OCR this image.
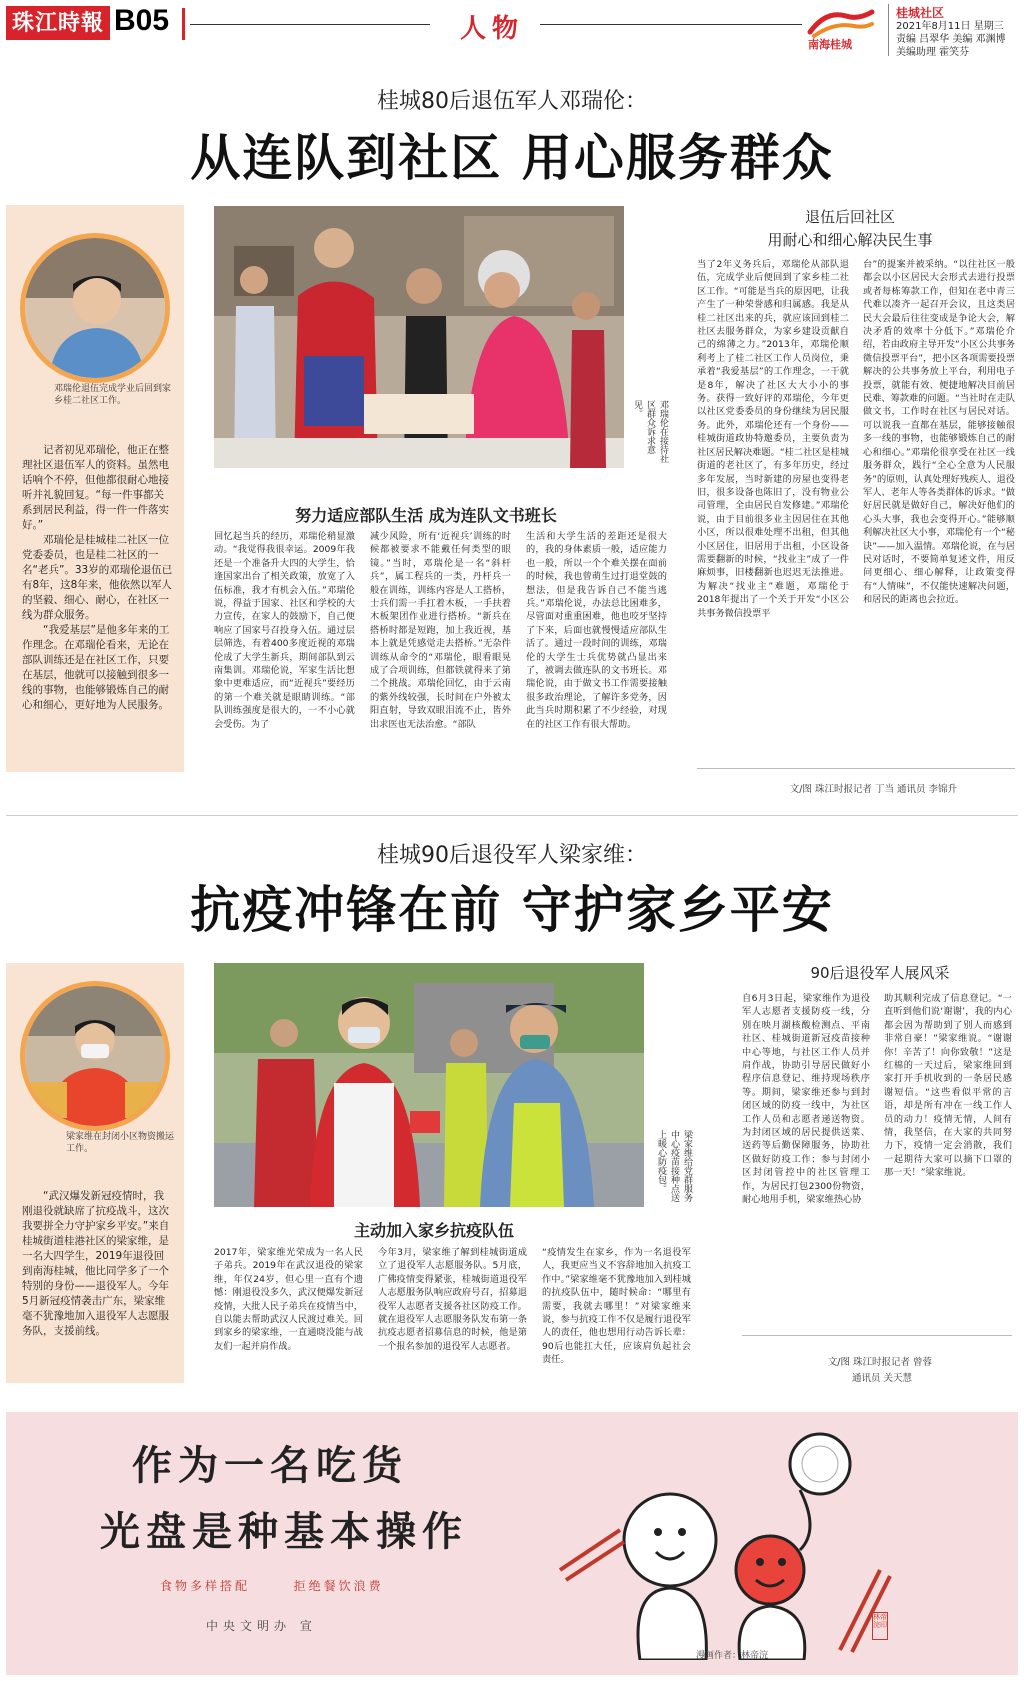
珠江時報 B05	人物
南海桂城
桂城社区
2021年8月11日 星期三
责编 吕翠华 美编 邓渊博
美编助理 霍笑芬
桂城80后退伍军人邓瑞伦：
从连队到社区 用心服务群众
邓瑞伦退伍完成学业后回到家乡桂二社区工作。

记者初见邓瑞伦，他正在整理社区退伍军人的资料。虽然电话响个不停，但他都很耐心地接听并礼貌回复。“每一件事都关系到居民利益，得一件一件落实好。”

邓瑞伦是桂城桂二社区一位党委委员，也是桂二社区的一名“老兵”。33岁的邓瑞伦退伍已有8年，这8年来，他依然以军人的坚毅、细心、耐心，在社区一线为群众服务。

“我爱基层”是他多年来的工作理念。在邓瑞伦看来，无论在部队训练还是在社区工作，只要在基层，他就可以接触到很多一线的事物，也能够锻炼自己的耐心和细心，更好地为人民服务。

邓瑞伦在接待社区群众诉求意见。
努力适应部队生活 成为连队文书班长
回忆起当兵的经历，邓瑞伦稍显激动。“我觉得我很幸运。2009年我还是一个准备升大四的大学生，恰逢国家出台了相关政策，放宽了入伍标准，我才有机会入伍。”邓瑞伦说，得益于国家、社区和学校的大力宣传，在家人的鼓励下，自己便响应了国家号召投身入伍。通过层层筛选，有着400多度近视的邓瑞伦成了大学生新兵，期间部队到云南集训。邓瑞伦说，军家生活比想象中更难适应，而“近视兵”要经历的第一个难关就是眼睛训练。“部队训练强度是很大的，一不小心就会受伤。为了
减少风险，所有‘近视兵’训练的时候都被要求不能戴任何类型的眼镜。”当时，邓瑞伦是一名“斜杆兵”，属工程兵的一类，丹杆兵一般在训练，训练内容是人工搭桥，士兵们需一手扛着木板，一手扶着木板架团作业进行搭桥。“新兵在搭桥时都是短跑，加上我近视，基本上就是凭感觉走去搭桥。”无杂件训练从命令的“邓瑞伦，眼看眼晃成了合项训练，但都铁就得来了第二个挑战。邓瑞伦回忆，由于云南的紫外线较强，长时间在户外被太阳直射，导致双眼泪流不止，皆外出求医也无法治愈。“部队
生活和大学生活的差距还是很大的，我的身体素质一般，适应能力也一般，所以一个个难关摆在面前的时候，我也曾萌生过打退堂鼓的想法，但是我告诉自己不能当逃兵。”邓瑞伦说，办法总比困难多，尽管面对重重困难，他也咬牙坚持了下来，后面也就慢慢适应部队生活了。通过一段时间的训练，邓瑞伦的大学生士兵优势就凸显出来了，被调去做连队的文书班长。邓瑞伦说，由于做文书工作需要接触很多政治理论，了解许多党务，因此当兵时期积累了不少经验，对现在的社区工作有很大帮助。
退伍后回社区
用耐心和细心解决民生事
当了2年义务兵后，邓瑞伦从部队退伍，完成学业后便回到了家乡桂二社区工作。“可能是当兵的原因吧，让我产生了一种荣誉感和归属感。我是从桂二社区出来的兵，就应该回到桂二社区去服务群众，为家乡建设贡献自己的绵薄之力。”2013年，邓瑞伦顺利考上了桂二社区工作人员岗位，秉承着“我爱基层”的工作理念，一干就是8年，解决了社区大大小小的事务。获得一致好评的邓瑞伦，今年更以社区党委委员的身份继续为居民服务。此外，邓瑞伦还有一个身份——桂城街道政协特邀委员，主要负责为社区居民解决难题。“桂二社区是桂城街道的老社区了，有多年历史，经过多年发展，当时新建的房屋也变得老旧，很多设备也陈旧了，没有物业公司管理，全由居民自发修建。”邓瑞伦说，由于目前很多业主因居住在其他小区，所以很难处理不出租，但其他小区居住，旧居用于出租，小区设备需要翻新的时候，“找业主”成了一件麻烦事，旧楼翻新也迟迟无法推进。为解决“找业主”难题，邓瑞伦于2018年提出了一个关于开发“小区公共事务微信投票平
台”的提案并被采纳。“以往社区一般都会以小区居民大会形式去进行投票或者每栋筹款工作，但知在老中青三代难以凑齐一起召开会议，且这类居民大会最后往往变成是争论大会，解决矛盾的效率十分低下。”邓瑞伦介绍，若由政府主导开发“小区公共事务微信投票平台”，把小区各项需要投票解决的公共事务放上平台，利用电子投票，就能有效、便捷地解决目前居民难、筹款难的问题。“当社时在走队做文书，工作时在社区与居民对话。可以说我一直都在基层，能够接触很多一线的事物，也能够锻炼自己的耐心和细心。”邓瑞伦很享受在社区一线服务群众，践行“全心全意为人民服务”的原则，认真处理好残疾人、退役军人、老年人等各类群体的诉求。“做好居民就是做好自己，解决好他们的心头大事，我也会变得开心。”能够顺利解决社区大小事，邓瑞伦有一个“秘诀”——加入温情。邓瑞伦说，在与居民对话时，不要简单复述文件，用反问更细心、细心解释，让政策变得有“人情味”，不仅能快速解决问题，和居民的距离也会拉近。
文/图 珠江时报记者 丁当 通讯员 李锦升
桂城90后退役军人梁家维：
抗疫冲锋在前 守护家乡平安
梁家维在封闭小区物资搬运工作。

“武汉爆发新冠疫情时，我刚退役就缺席了抗疫战斗，这次我要拼全力守护家乡平安。”来自桂城街道桂港社区的梁家维，是一名大四学生，2019年退役回到南海桂城，他比同学多了一个特别的身份——退役军人。今年5月新冠疫情袭击广东，梁家维毫不犹豫地加入退役军人志愿服务队，支援前线。

梁家维给党群服务中心疫苗接种点送上暖心防疫包。
主动加入家乡抗疫队伍
2017年，梁家维光荣成为一名人民子弟兵。2019年在武汉退役的梁家维，年仅24岁，但心里一直有个遗憾：刚退役没多久，武汉便爆发新冠疫情，大批人民子弟兵在疫情当中，自以能去帮助武汉人民渡过难关。回到家乡的梁家维，一直通晓没能与战友们一起并肩作战。
今年3月，梁家维了解到桂城街道成立了退役军人志愿服务队。5月底，广佛疫情变得紧张，桂城街道退役军人志愿服务队响应政府号召，招募退役军人志愿者支援各社区防疫工作。就在退役军人志愿服务队发布第一条抗疫志愿者招募信息的时候，他是第一个报名参加的退役军人志愿者。
“疫情发生在家乡，作为一名退役军人，我更应当义不容辞地加入抗疫工作中。”梁家维毫不犹豫地加入到桂城的抗疫队伍中，随时候命：“哪里有需要，我就去哪里！”对梁家维来说，参与抗疫工作不仅是履行退役军人的责任，他也想用行动告诉长辈：90后也能扛大任，应该肩负起社会责任。
90后退役军人展风采
自6月3日起，梁家维作为退役军人志愿者支援防疫一线，分别在映月湖核酸检测点、平南社区、桂城街道新冠疫苗接种中心等地，与社区工作人员并肩作战，协助引导居民做好小程序信息登记、维持现场秩序等。期间，梁家维还参与到封闭区域的防疫一线中，为社区工作人员和志愿者递送物资。为封闭区域的居民提供送菜、送药等后勤保障服务，协助社区做好防疫工作；参与封闭小区封闭管控中的社区管理工作，为居民打包2300份物资，耐心地用手机，梁家维热心协
助其顺利完成了信息登记。“一直听到他们说‘谢谢’，我的内心都会因为帮助到了别人而感到非常自豪！”梁家维说。“谢谢你！辛苦了！向你致敬！”这是红棉的一天过后，梁家维回到家打开手机收到的一条居民感谢短信。“这些看似平常的言语，却是所有冲在一线工作人员的动力！疫情无情，人间有情，我坚信，在大家的共同努力下，疫情一定会消散，我们一起期待大家可以摘下口罩的那一天！”梁家维说。
文/图 珠江时报记者 曾蓉
通讯员 关天慧
作为一名吃货
光盘是种基本操作
食物多样搭配	拒绝餐饮浪费
中央文明办 宣
漫画作者：林帝浣
林帝浣印
